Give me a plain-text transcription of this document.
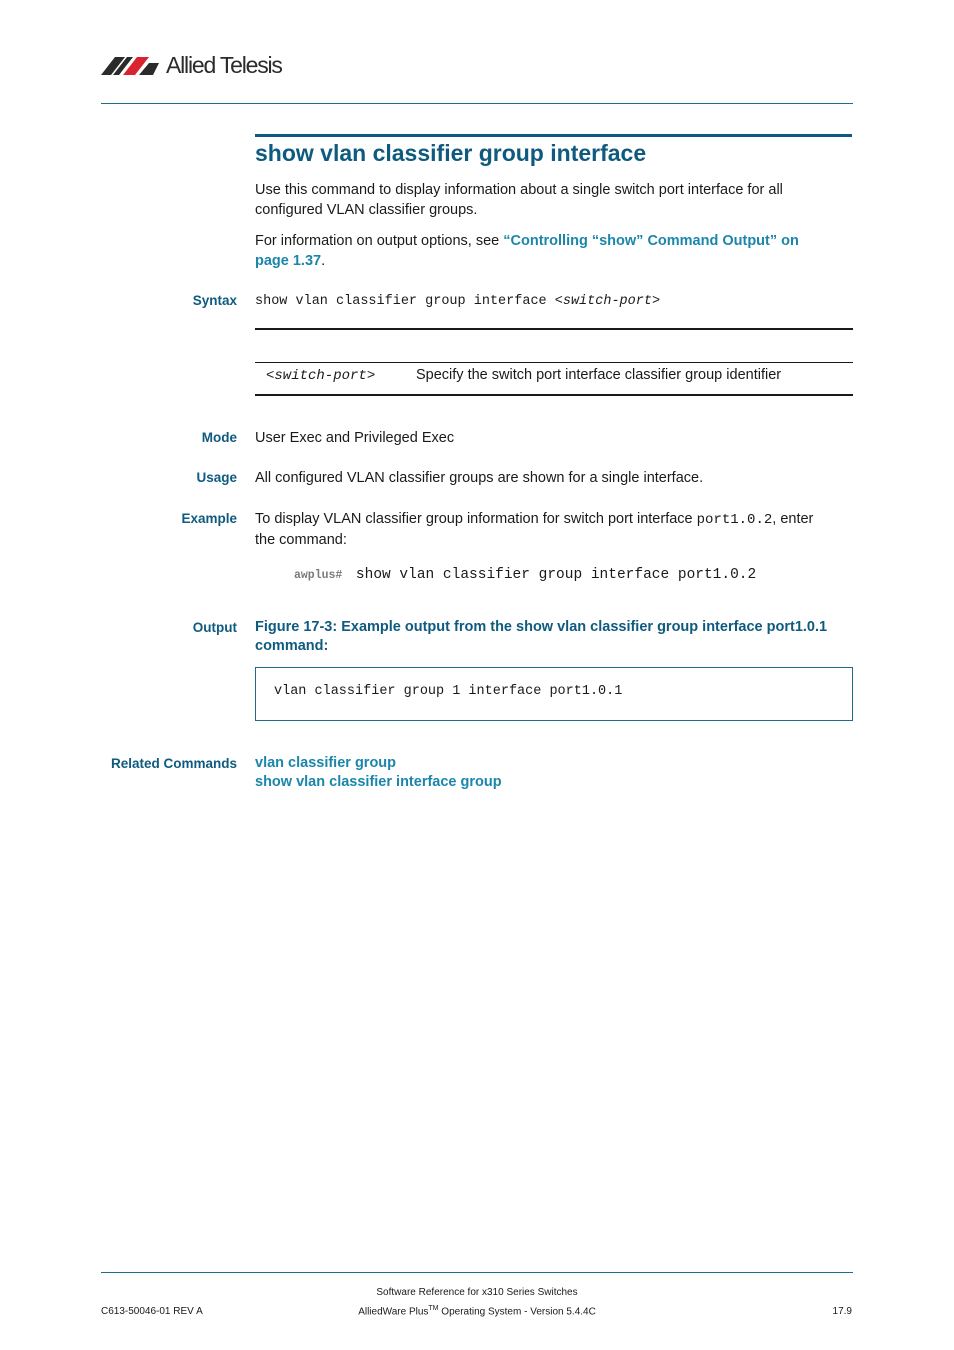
Allied Telesis
show vlan classifier group interface
Use this command to display information about a single switch port interface for all configured VLAN classifier groups.
For information on output options, see “Controlling “show” Command Output” on
page 1.37.
Syntax show vlan classifier group interface <switch-port>
<switch-port>	Specify the switch port interface classifier group identifier
Mode User Exec and Privileged Exec
Usage All configured VLAN classifier groups are shown for a single interface.
Example To display VLAN classifier group information for switch port interface port1.0.2, enter
the command:
awplus# show vlan classifier group interface port1.0.2
Output Figure 17-3: Example output from the show vlan classifier group interface port1.0.1
command:
vlan classifier group 1 interface port1.0.1
Related Commands vlan classifier group
show vlan classifier interface group
C613-50046-01 REV A
Software Reference for x310 Series Switches
AlliedWare Plus™ Operating System - Version 5.4.4C	17.9
